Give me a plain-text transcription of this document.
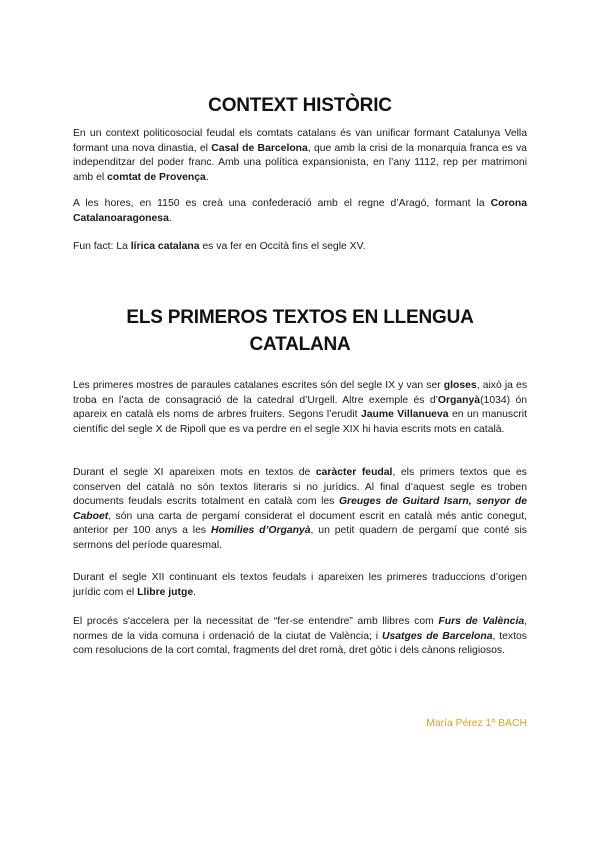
CONTEXT HISTÒRIC

En un context politicosocial feudal els comtats catalans és van unificar formant Catalunya Vella formant una nova dinastia, el Casal de Barcelona, que amb la crisi de la monarquia franca es va independitzar del poder franc. Amb una política expansionista, en l’any 1112, rep per matrimoni amb el comtat de Provença.

A les hores, en 1150 es creà una confederació amb el regne d’Aragó, formant la Corona Catalanoaragonesa.

Fun fact: La lírica catalana es va fer en Occità fins el segle XV.

ELS PRIMEROS TEXTOS EN LLENGUA
CATALANA

Les primeres mostres de paraules catalanes escrites són del segle IX y van ser gloses, això ja es troba en l’acta de consagració de la catedral d’Urgell. Altre exemple és d’Organyà(1034) ón apareix en català els noms de arbres fruiters. Segons l’erudit Jaume Villanueva en un manuscrit científic del segle X de Ripoll que es va perdre en el segle XIX hi havia escrits mots en català.

Durant el segle XI apareixen mots en textos de caràcter feudal, els primers textos que es conserven del català no són textos literaris si no jurídics. Al final d’aquest segle es troben documents feudals escrits totalment en català com les Greuges de Guitard Isarn, senyor de Caboet, són una carta de pergamí considerat el document escrit en català més antic conegut, anterior per 100 anys a les Homilies d’Organyà, un petit quadern de pergamí que conté sis sermons del període quaresmal.

Durant el segle XII continuant els textos feudals i apareixen les primeres traduccions d’origen jurídic com el Llibre jutge.

El procés s'accelera per la necessitat de “fer-se entendre” amb llibres com Furs de València, normes de la vida comuna i ordenació de la ciutat de València; i Usatges de Barcelona, textos com resolucions de la cort comtal, fragments del dret romà, dret gòtic i dels cànons religiosos.

María Pérez 1º BACH
